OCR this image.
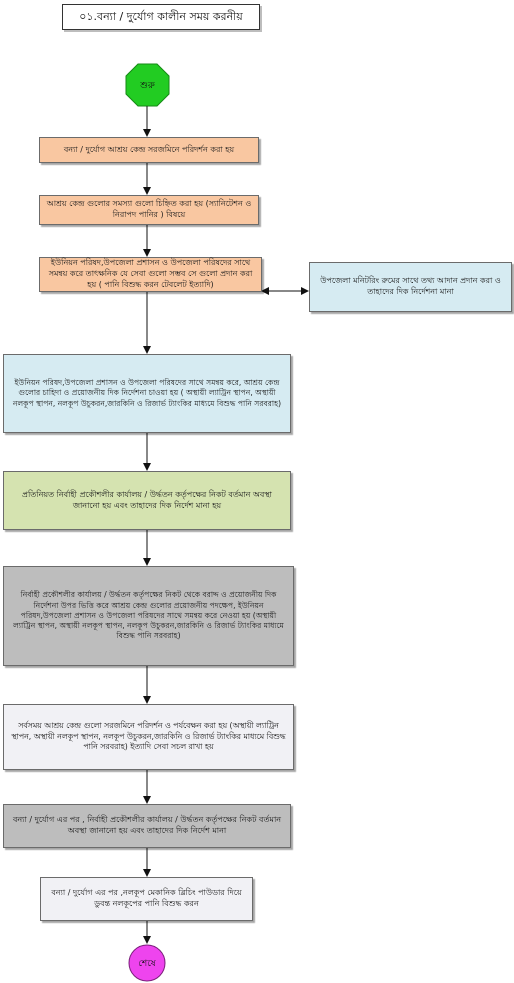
০১.বন্যা / দুর্যোগ কালীন সময় করনীয়
শুরু
শেষে
বন্যা / দুর্যোগ আশ্রয় কেন্দ্র সরজমিনে পরিদর্শন করা হয়
আশ্রয় কেন্দ্র গুলোর সমস্যা গুলো চিহ্নিত করা হয় (স্যানিটেশন ও নিরাপদ পানির ) বিষয়ে
ইউনিয়ন পরিষদ,উপজেলা প্রশাসন ও উপজেলা পরিষদের সাথে সমন্বয় করে তাৎক্ষনিক যে সেবা গুলো সম্ভব সে গুলো প্রদান করা হয় ( পানি বিশুদ্ধ করন টেবলেট ইত্যাদি)	উপজেলা মনিটরিং রুমের সাথে তথ্য আদান প্রদান করা ও তাহাদের দিক নির্দেশনা মানা
ইউনিয়ন পরিষদ,উপজেলা প্রশাসন ও উপজেলা পরিষদের সাথে সমন্বয় করে, আশ্রয় কেন্দ্র গুলোর চাহিদা ও প্রয়োজনীয় দিক নির্দেশনা চাওয়া হয় ( অস্থায়ী ল্যাট্রিন স্থাপন, অস্থায়ী নলকূপ স্থাপন, নলকূপ উচুকরন,জারকিনি ও রিজার্ভ ট্যাংকির মাধ্যমে বিশুদ্ধ পানি সরবরাহ)
প্রতিনিয়ত নির্বাহী প্রকৌশলীর কার্যালয় / উর্দ্ধতন কর্তৃপক্ষের নিকট বর্তমান অবস্থা জানানো হয় এবং তাহাদের দিক নির্দেশ মানা হয়
নির্বাহী প্রকৌশলীর কার্যালয় / উর্দ্ধতন কর্তৃপক্ষের নিকট থেকে বরাদ্দ ও প্রয়োজনীয় দিক নির্দেশনা উপর ভিত্তি করে আশ্রয় কেন্দ্র গুলোর প্রয়োজনীয় পদক্ষেপ, ইউনিয়ন পরিষদ,উপজেলা প্রশাসন ও উপজেলা পরিষদের সাথে সমন্বয় করে নেওয়া হয় (অস্থায়ী ল্যাট্রিন স্থাপন, অস্থায়ী নলকূপ স্থাপন, নলকূপ উচুকরন,জারকিনি ও রিজার্ভ ট্যাংকির মাধ্যমে বিশুদ্ধ পানি সরবরাহ)
সর্বসময় আশ্রয় কেন্দ্র গুলো সরজমিনে পরিদর্শন ও পর্যবেক্ষন করা হয় (অস্থায়ী ল্যাট্রিন স্থাপন, অস্থায়ী নলকূপ স্থাপন, নলকূপ উচুকরন,জারকিনি ও রিজার্ভ ট্যাংকির মাধ্যমে বিশুদ্ধ পানি সরবরাহ) ইত্যাদি সেবা সচল রাখা হয়
বন্যা / দুর্যোগ এর পর , নির্বাহী প্রকৌশলীর কার্যালয় / উর্দ্ধতন কর্তৃপক্ষের নিকট বর্তমান অবস্থা জানানো হয় এবং তাহাদের দিক নির্দেশ মানা
বন্যা / দুর্যোগ এর পর ,নলকূপ মেকানিক ব্লিচিং পাউডার দিয়ে ডুবন্ত নলকূপের পানি বিশুদ্ধ করন
